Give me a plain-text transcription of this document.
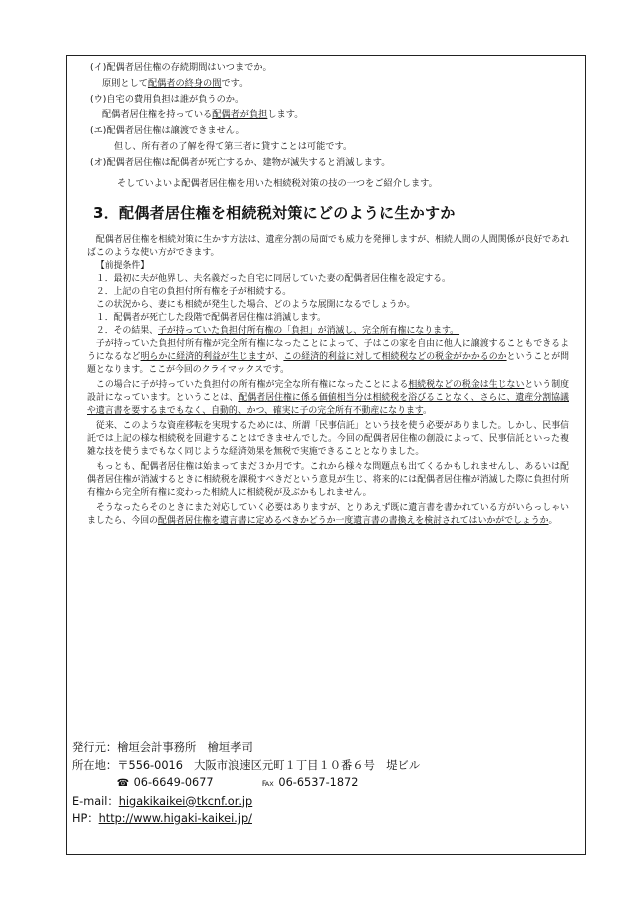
(イ)配偶者居住権の存続期間はいつまでか。
原則として配偶者の終身の間です。
(ウ)自宅の費用負担は誰が負うのか。
配偶者居住権を持っている配偶者が負担します。
(エ)配偶者居住権は譲渡できません。
但し、所有者の了解を得て第三者に貸すことは可能です。
(オ)配偶者居住権は配偶者が死亡するか、建物が滅失すると消滅します。
そしていよいよ配偶者居住権を用いた相続税対策の技の一つをご紹介します。
3．配偶者居住権を相続税対策にどのように生かすか

配偶者居住権を相続対策に生かす方法は、遺産分割の局面でも威力を発揮しますが、相続人間の人間関係が良好であればこのような使い方ができます。

【前提条件】

１．最初に夫が他界し、夫名義だった自宅に同居していた妻の配偶者居住権を設定する。

２．上記の自宅の負担付所有権を子が相続する。

この状況から、妻にも相続が発生した場合、どのような展開になるでしょうか。

１．配偶者が死亡した段階で配偶者居住権は消滅します。

２．その結果、子が持っていた負担付所有権の「負担」が消滅し、完全所有権になります。

子が持っていた負担付所有権が完全所有権になったことによって、子はこの家を自由に他人に譲渡することもできるようになるなど明らかに経済的利益が生じますが、この経済的利益に対して相続税などの税金がかかるのかということが問題となります。ここが今回のクライマックスです。

この場合に子が持っていた負担付の所有権が完全な所有権になったことによる相続税などの税金は生じないという制度設計になっています。ということは、配偶者居住権に係る価値相当分は相続税を浴びることなく、さらに、遺産分割協議や遺言書を要するまでもなく、自動的、かつ、確実に子の完全所有不動産になります。

従来、このような資産移転を実現するためには、所謂「民事信託」という技を使う必要がありました。しかし、民事信託では上記の様な相続税を回避することはできませんでした。今回の配偶者居住権の創設によって、民事信託といった複雑な技を使うまでもなく同じような経済効果を無税で実施できることとなりました。

もっとも、配偶者居住権は始まってまだ３か月です。これから様々な問題点も出てくるかもしれませんし、あるいは配偶者居住権が消滅するときに相続税を課税すべきだという意見が生じ、将来的には配偶者居住権が消滅した際に負担付所有権から完全所有権に変わった相続人に相続税が及ぶかもしれません。

そうなったらそのときにまた対応していく必要はありますが、とりあえず既に遺言書を書かれている方がいらっしゃいましたら、今回の配偶者居住権を遺言書に定めるべきかどうか一度遺言書の書換えを検討されてはいかがでしょうか。

発行元：檜垣会計事務所　檜垣孝司
所在地：〒556-0016　大阪市浪速区元町１丁目１０番６号　堤ビル
☎ 06-6649-0677	℻ 06-6537-1872
E-mail：higakikaikei@tkcnf.or.jp
HP：http://www.higaki-kaikei.jp/
